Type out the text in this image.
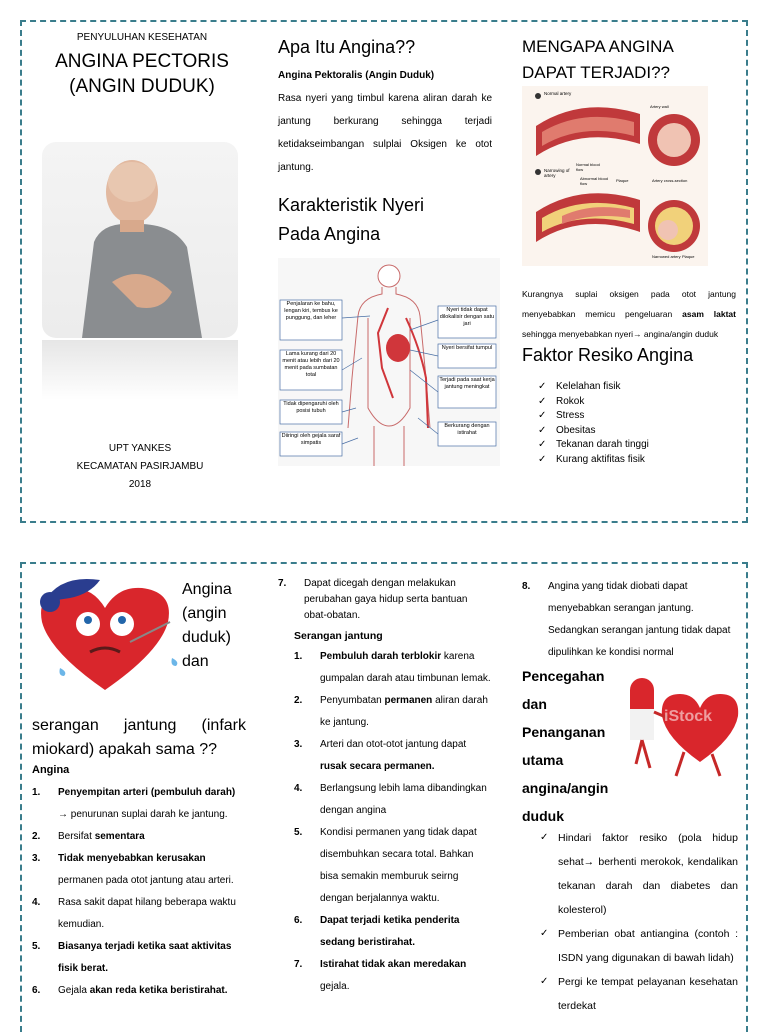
PENYULUHAN KESEHATAN
ANGINA PECTORIS
(ANGIN DUDUK)
UPT YANKES
KECAMATAN PASIRJAMBU
2018
Apa Itu Angina??
Angina Pektoralis (Angin Duduk)
Rasa nyeri yang timbul karena aliran darah ke jantung berkurang sehingga terjadi ketidakseimbangan sulplai Oksigen ke otot jantung.
Karakteristik Nyeri
Pada Angina
Penjalaran ke bahu, lengan kiri, tembus ke punggung, dan leher
Lama kurang dari 20 menit atau lebih dari 20 menit pada sumbatan total
Tidak dipengaruhi oleh posisi tubuh
Diiringi oleh gejala saraf simpatis
Nyeri tidak dapat dilokalisir dengan satu jari
Nyeri bersifat tumpul
Terjadi pada saat kerja jantung meningkat
Berkurang dengan istirahat
MENGAPA ANGINA
DAPAT TERJADI??
Normal artery
Artery wall
Normal blood flow
Narrowing of artery
Abnormal blood flow
Plaque	Artery cross-section
Narrowed artery Plaque
Kurangnya suplai oksigen pada otot jantung menyebabkan memicu pengeluaran asam laktat sehingga menyebabkan nyeri→ angina/angin duduk
Faktor Resiko Angina
✓ Kelelahan fisik
✓ Rokok
✓ Stress
✓ Obesitas
✓ Tekanan darah tinggi
✓ Kurang aktifitas fisik
Angina
(angin
duduk)
dan
serangan jantung (infark
miokard) apakah sama ??
Angina
1. Penyempitan arteri (pembuluh darah) → penurunan suplai darah ke jantung.
2. Bersifat sementara
3. Tidak menyebabkan kerusakan permanen pada otot jantung atau arteri.
4. Rasa sakit dapat hilang beberapa waktu kemudian.
5. Biasanya terjadi ketika saat aktivitas fisik berat.
6. Gejala akan reda ketika beristirahat.
7. Dapat dicegah dengan melakukan perubahan gaya hidup serta bantuan obat-obatan.
Serangan jantung
1. Pembuluh darah terblokir karena gumpalan darah atau timbunan lemak.
2. Penyumbatan permanen aliran darah ke jantung.
3. Arteri dan otot-otot jantung dapat rusak secara permanen.
4. Berlangsung lebih lama dibandingkan dengan angina
5. Kondisi permanen yang tidak dapat disembuhkan secara total. Bahkan bisa semakin memburuk seirng dengan berjalannya waktu.
6. Dapat terjadi ketika penderita sedang beristirahat.
7. Istirahat tidak akan meredakan gejala.
8. Angina yang tidak diobati dapat menyebabkan serangan jantung. Sedangkan serangan jantung tidak dapat dipulihkan ke kondisi normal
Pencegahan
dan
Penanganan
utama
angina/angin
duduk
iStock
✓ Hindari faktor resiko (pola hidup sehat→ berhenti merokok, kendalikan tekanan darah dan diabetes dan kolesterol)
✓ Pemberian obat antiangina (contoh : ISDN yang digunakan di bawah lidah)
✓ Pergi ke tempat pelayanan kesehatan terdekat
